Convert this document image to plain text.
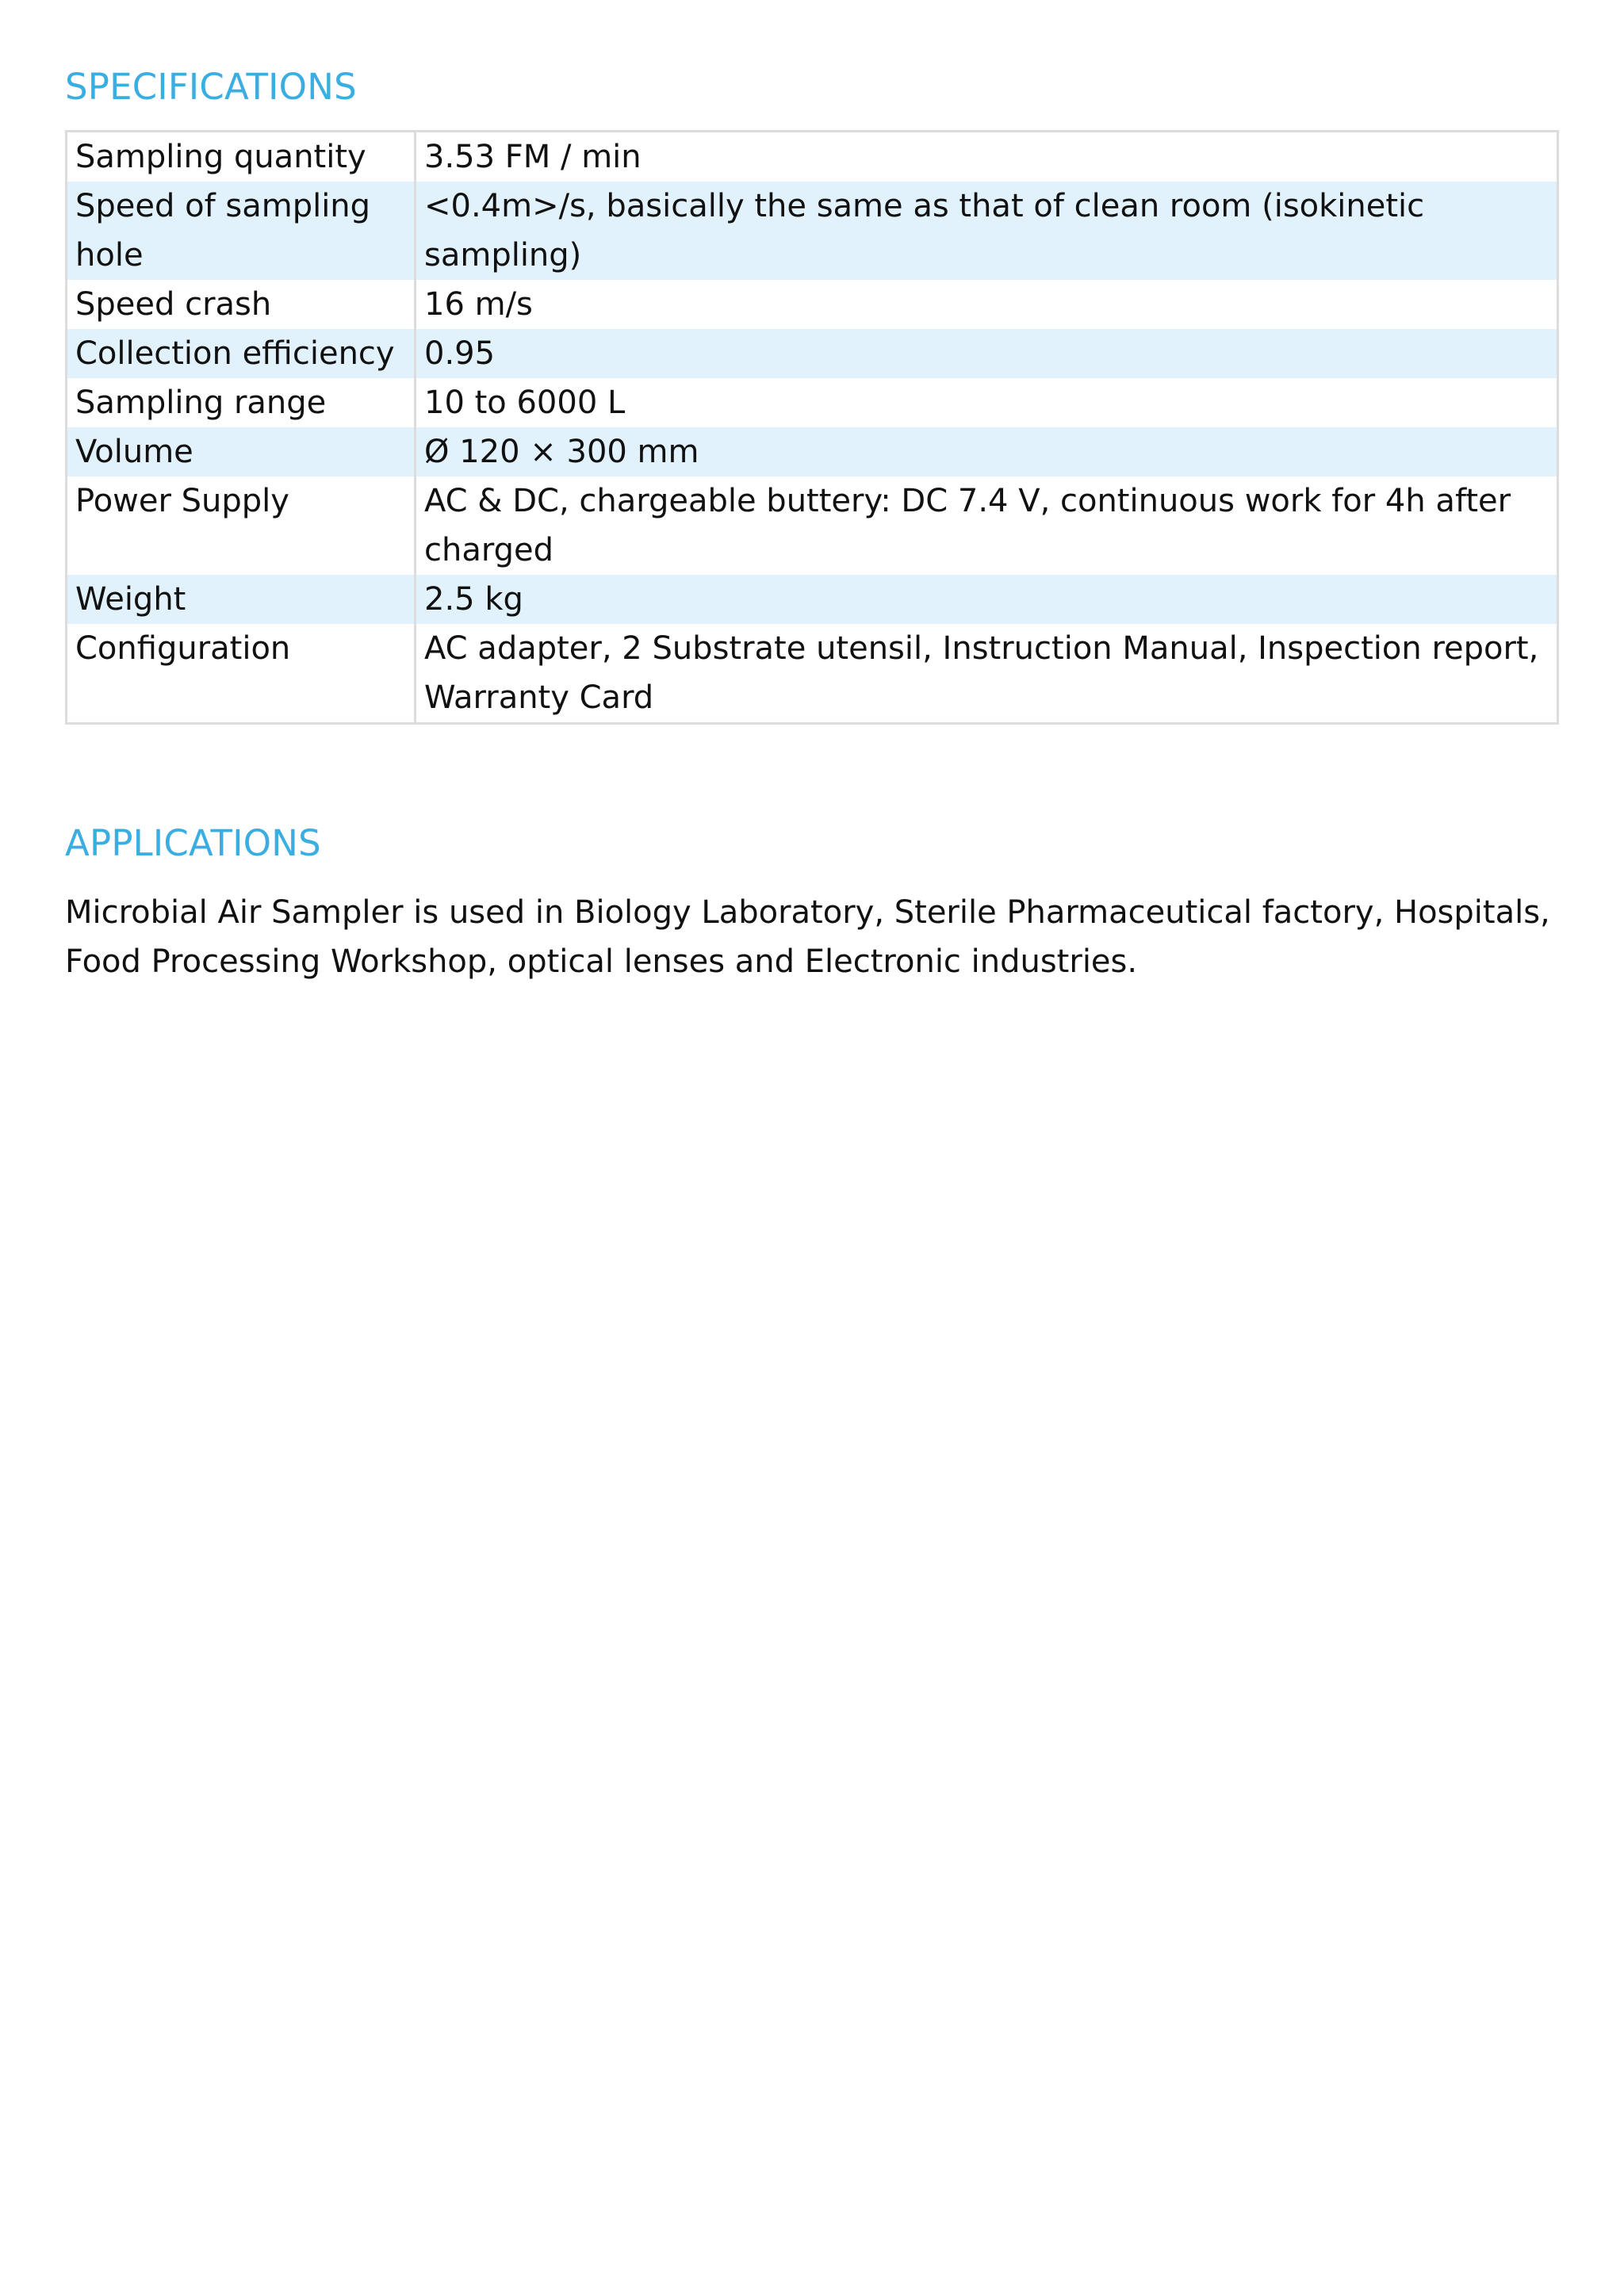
SPECIFICATIONS
Sampling quantity	3.53 FM / min
Speed of sampling hole	<0.4m>/s, basically the same as that of clean room (isokinetic sampling)
Speed crash	16 m/s
Collection efficiency	0.95
Sampling range	10 to 6000 L
Volume	Ø 120 × 300 mm
Power Supply	AC & DC, chargeable buttery: DC 7.4 V, continuous work for 4h after charged
Weight	2.5 kg
Configuration	AC adapter, 2 Substrate utensil, Instruction Manual, Inspection report, Warranty Card
APPLICATIONS

Microbial Air Sampler is used in Biology Laboratory, Sterile Pharmaceutical factory, Hospitals, Food Processing Workshop, optical lenses and Electronic industries.
